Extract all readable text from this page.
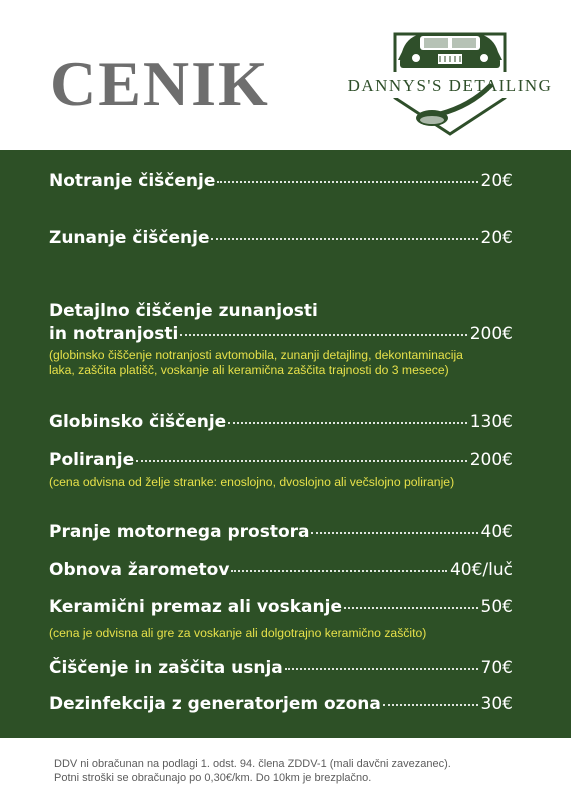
CENIK	DANNYS'S DETAILING
Notranje čiščenje	20€
Zunanje čiščenje	20€
Detajlno čiščenje zunanjosti
in notranjosti	200€
(globinsko čiščenje notranjosti avtomobila, zunanji detajling, dekontaminacija laka, zaščita platišč, voskanje ali keramična zaščita trajnosti do 3 mesece)
Globinsko čiščenje	130€
Poliranje	200€
(cena odvisna od želje stranke: enoslojno, dvoslojno ali večslojno poliranje)
Pranje motornega prostora	40€
Obnova žarometov	40€/luč
Keramični premaz ali voskanje	50€
(cena je odvisna ali gre za voskanje ali dolgotrajno keramično zaščito)
Čiščenje in zaščita usnja	70€
Dezinfekcija z generatorjem ozona	30€
DDV ni obračunan na podlagi 1. odst. 94. člena ZDDV-1 (mali davčni zavezanec).
Potni stroški se obračunajo po 0,30€/km. Do 10km je brezplačno.
